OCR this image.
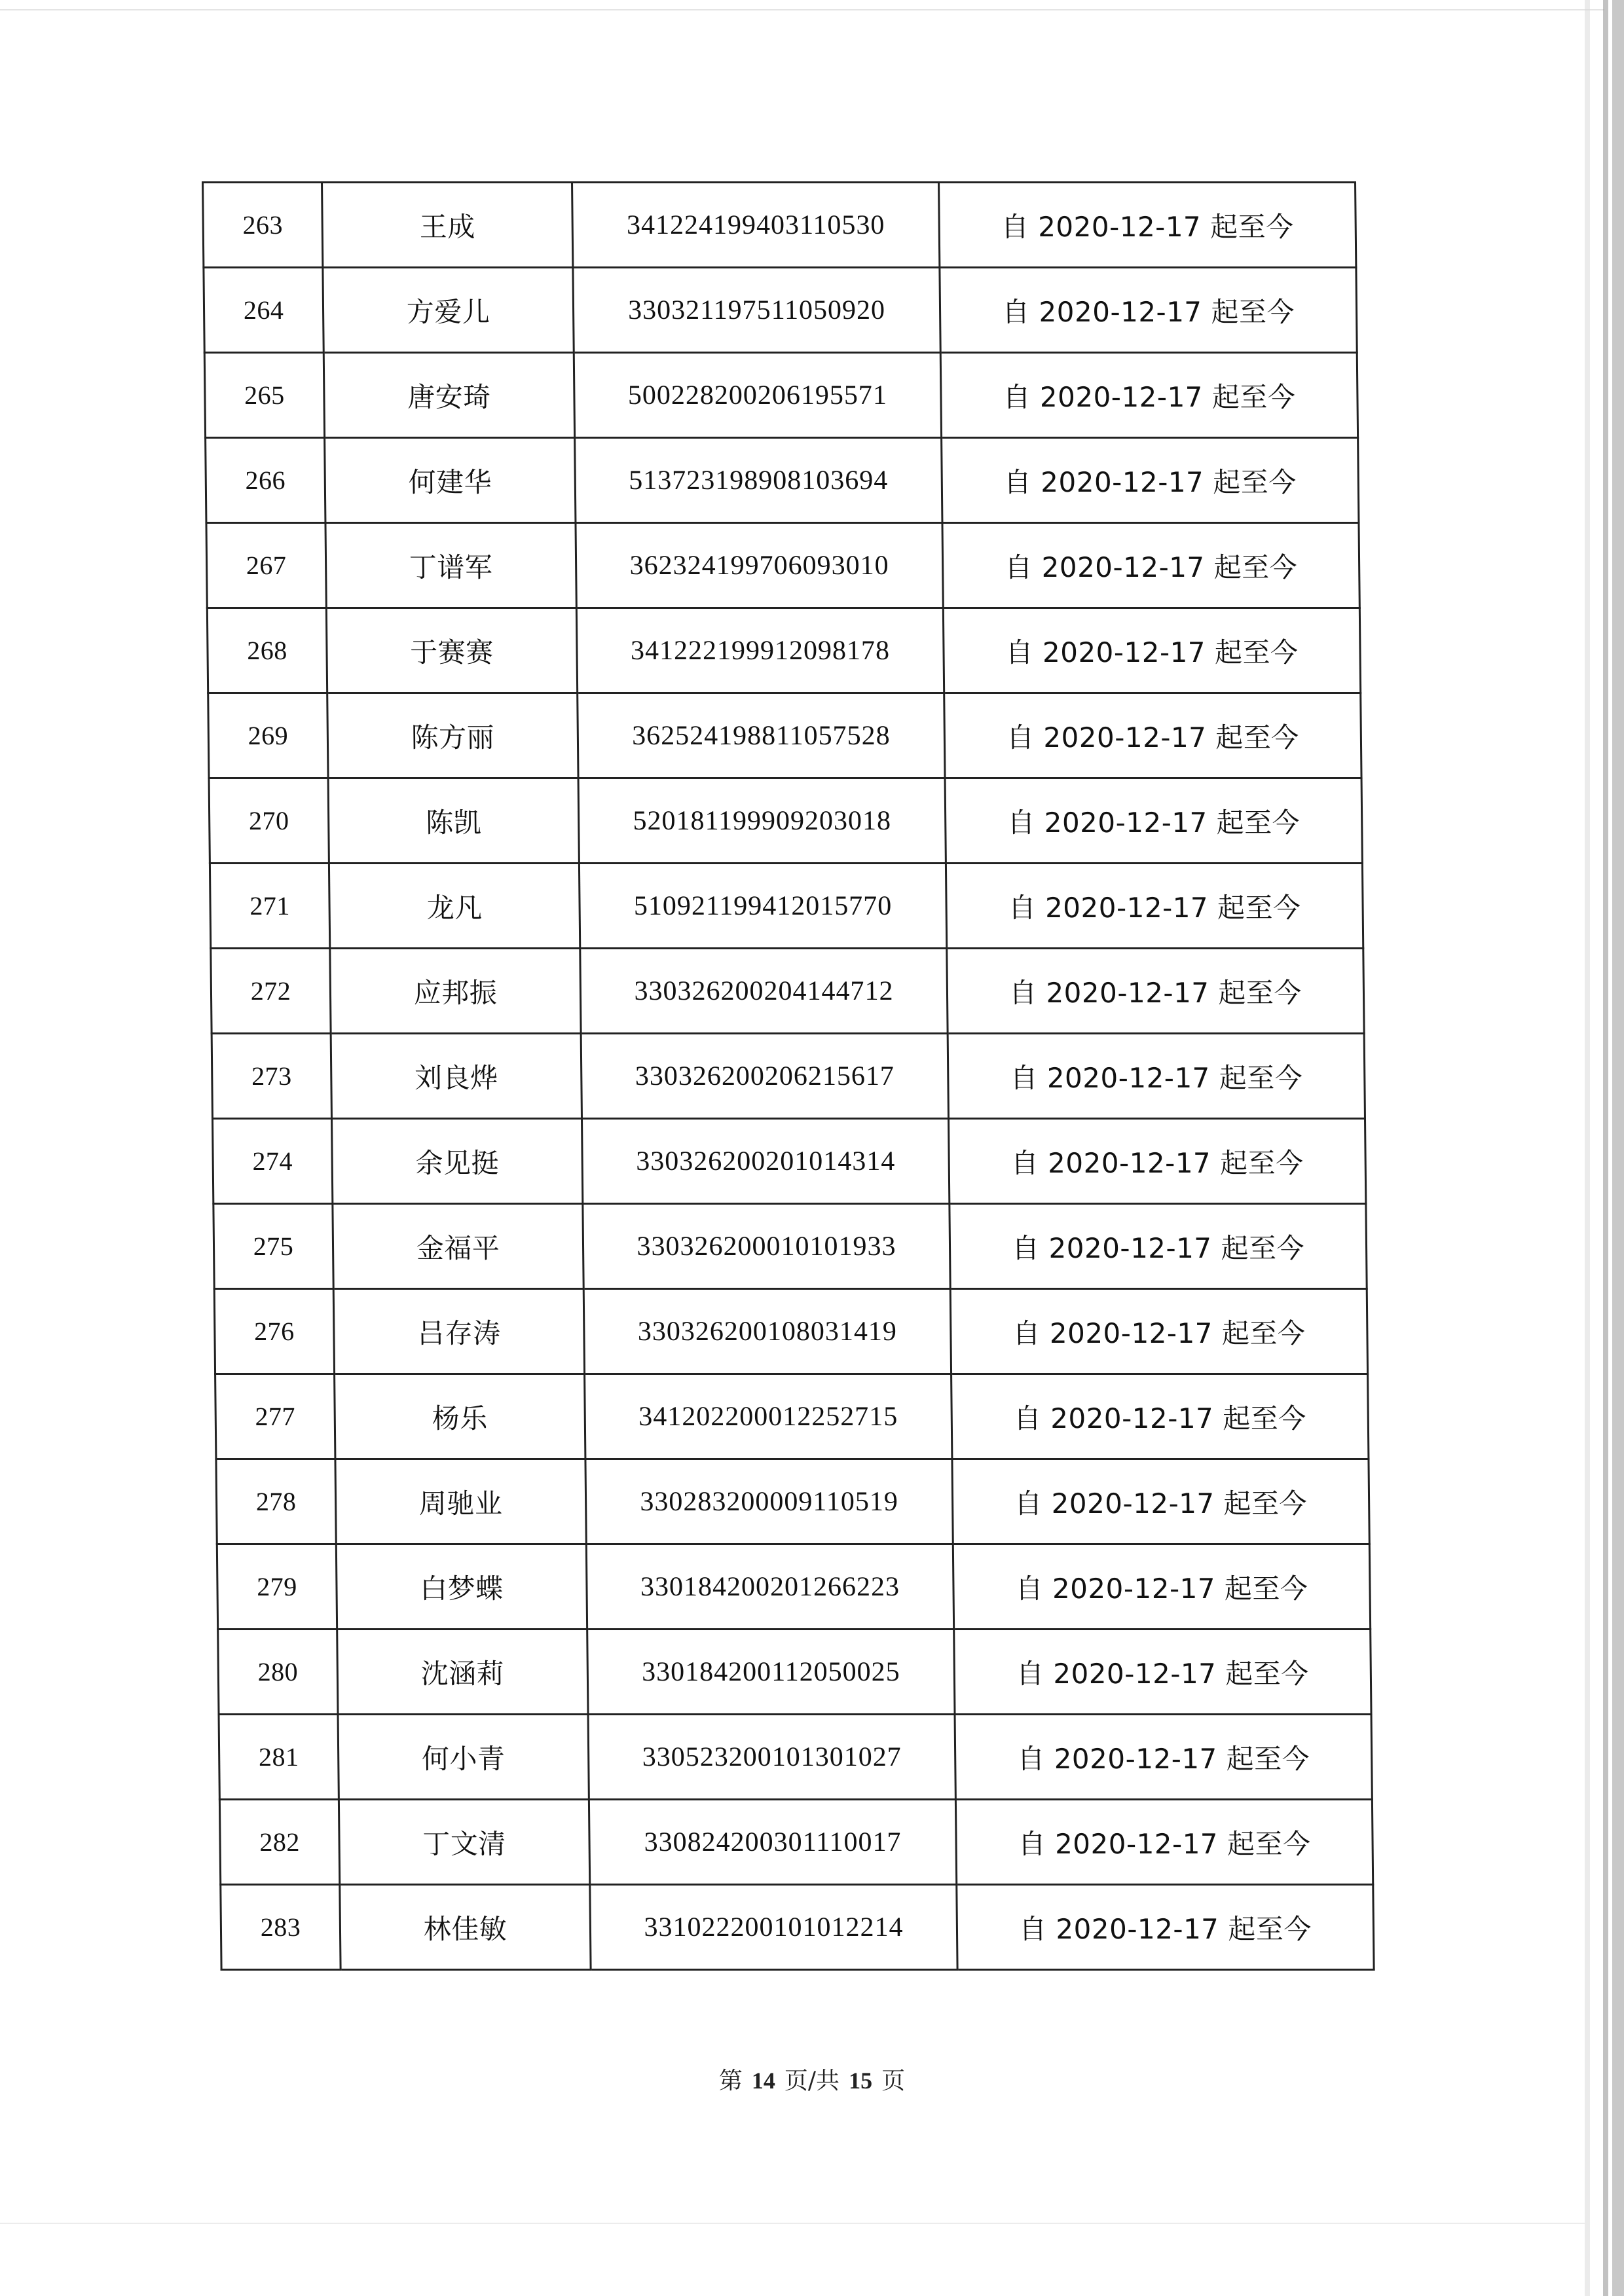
263	王成	341224199403110530	自 2020-12-17 起至今
264	方爱儿	330321197511050920	自 2020-12-17 起至今
265	唐安琦	500228200206195571	自 2020-12-17 起至今
266	何建华	513723198908103694	自 2020-12-17 起至今
267	丁谱军	362324199706093010	自 2020-12-17 起至今
268	于赛赛	341222199912098178	自 2020-12-17 起至今
269	陈方丽	362524198811057528	自 2020-12-17 起至今
270	陈凯	520181199909203018	自 2020-12-17 起至今
271	龙凡	510921199412015770	自 2020-12-17 起至今
272	应邦振	330326200204144712	自 2020-12-17 起至今
273	刘良烨	330326200206215617	自 2020-12-17 起至今
274	余见挺	330326200201014314	自 2020-12-17 起至今
275	金福平	330326200010101933	自 2020-12-17 起至今
276	吕存涛	330326200108031419	自 2020-12-17 起至今
277	杨乐	341202200012252715	自 2020-12-17 起至今
278	周驰业	330283200009110519	自 2020-12-17 起至今
279	白梦蝶	330184200201266223	自 2020-12-17 起至今
280	沈涵莉	330184200112050025	自 2020-12-17 起至今
281	何小青	330523200101301027	自 2020-12-17 起至今
282	丁文清	330824200301110017	自 2020-12-17 起至今
283	林佳敏	331022200101012214	自 2020-12-17 起至今
第 14 页/共 15 页
